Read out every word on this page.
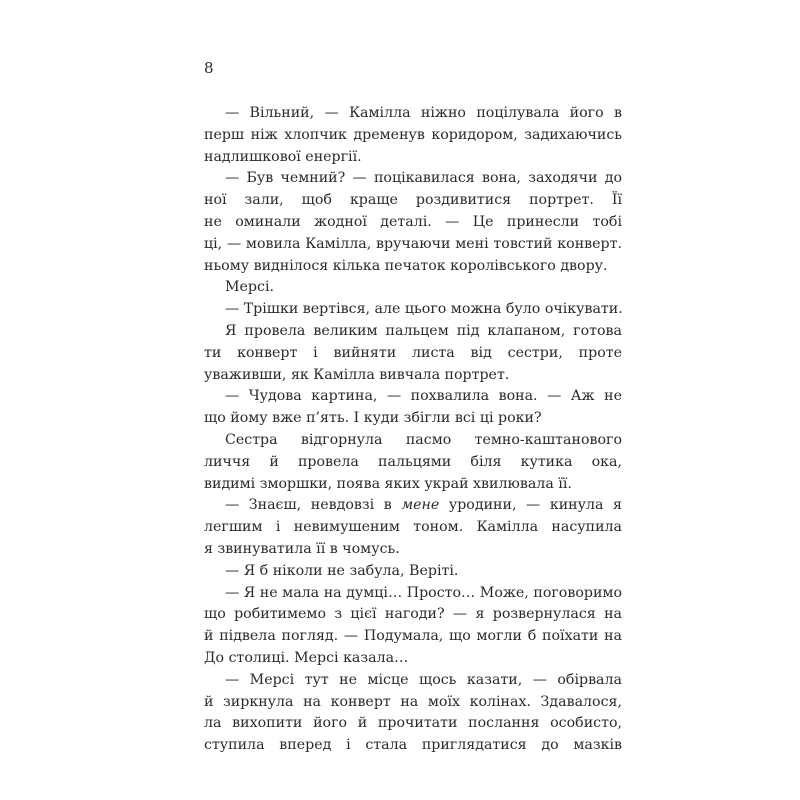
8
— Вільний, — Камілла ніжно поцілувала його в
перш ніж хлопчик дременув коридором, задихаючись
надлишкової енергії.
— Був чемний? — поцікавилася вона, заходячи до
ної зали, щоб краще роздивитися портрет. Її
не оминали жодної деталі. — Це принесли тобі
ці, — мовила Камілла, вручаючи мені товстий конверт.
ньому виднілося кілька печаток королівського двору.
Мерсі.
— Трішки вертівся, але цього можна було очікувати.
Я провела великим пальцем під клапаном, готова
ти конверт і вийняти листа від сестри, проте
уваживши, як Камілла вивчала портрет.
— Чудова картина, — похвалила вона. — Аж не
що йому вже п’ять. І куди збігли всі ці роки?
Сестра відгорнула пасмо темно-каштанового
личчя й провела пальцями біля кутика ока,
видимі зморшки, поява яких украй хвилювала її.
— Знаєш, невдовзі в мене уродини, — кинула я
легшим і невимушеним тоном. Камілла насупила
я звинуватила її в чомусь.
— Я б ніколи не забула, Веріті.
— Я не мала на думці… Просто… Може, поговоримо
що робитимемо з цієї нагоди? — я розвернулася на
й підвела погляд. — Подумала, що могли б поїхати на
До столиці. Мерсі казала…
— Мерсі тут не місце щось казати, — обірвала
й зиркнула на конверт на моїх колінах. Здавалося,
ла вихопити його й прочитати послання особисто,
ступила вперед і стала приглядатися до мазків
